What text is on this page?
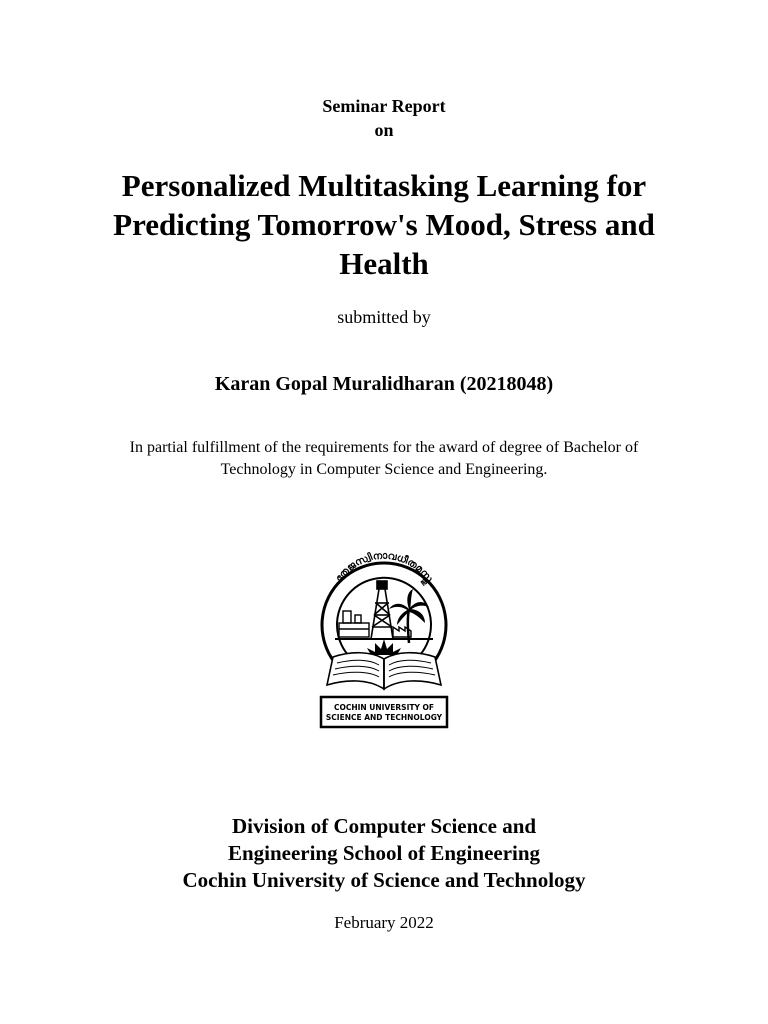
Seminar Report
on
Personalized Multitasking Learning for
Predicting Tomorrow's Mood, Stress and
Health
submitted by
Karan Gopal Muralidharan (20218048)
In partial fulfillment of the requirements for the award of degree of Bachelor of
Technology in Computer Science and Engineering.
തേജസ്വിനാവധീതമസ്തു
COCHIN UNIVERSITY OF
SCIENCE AND TECHNOLOGY
Division of Computer Science and
Engineering School of Engineering
Cochin University of Science and Technology
February 2022
